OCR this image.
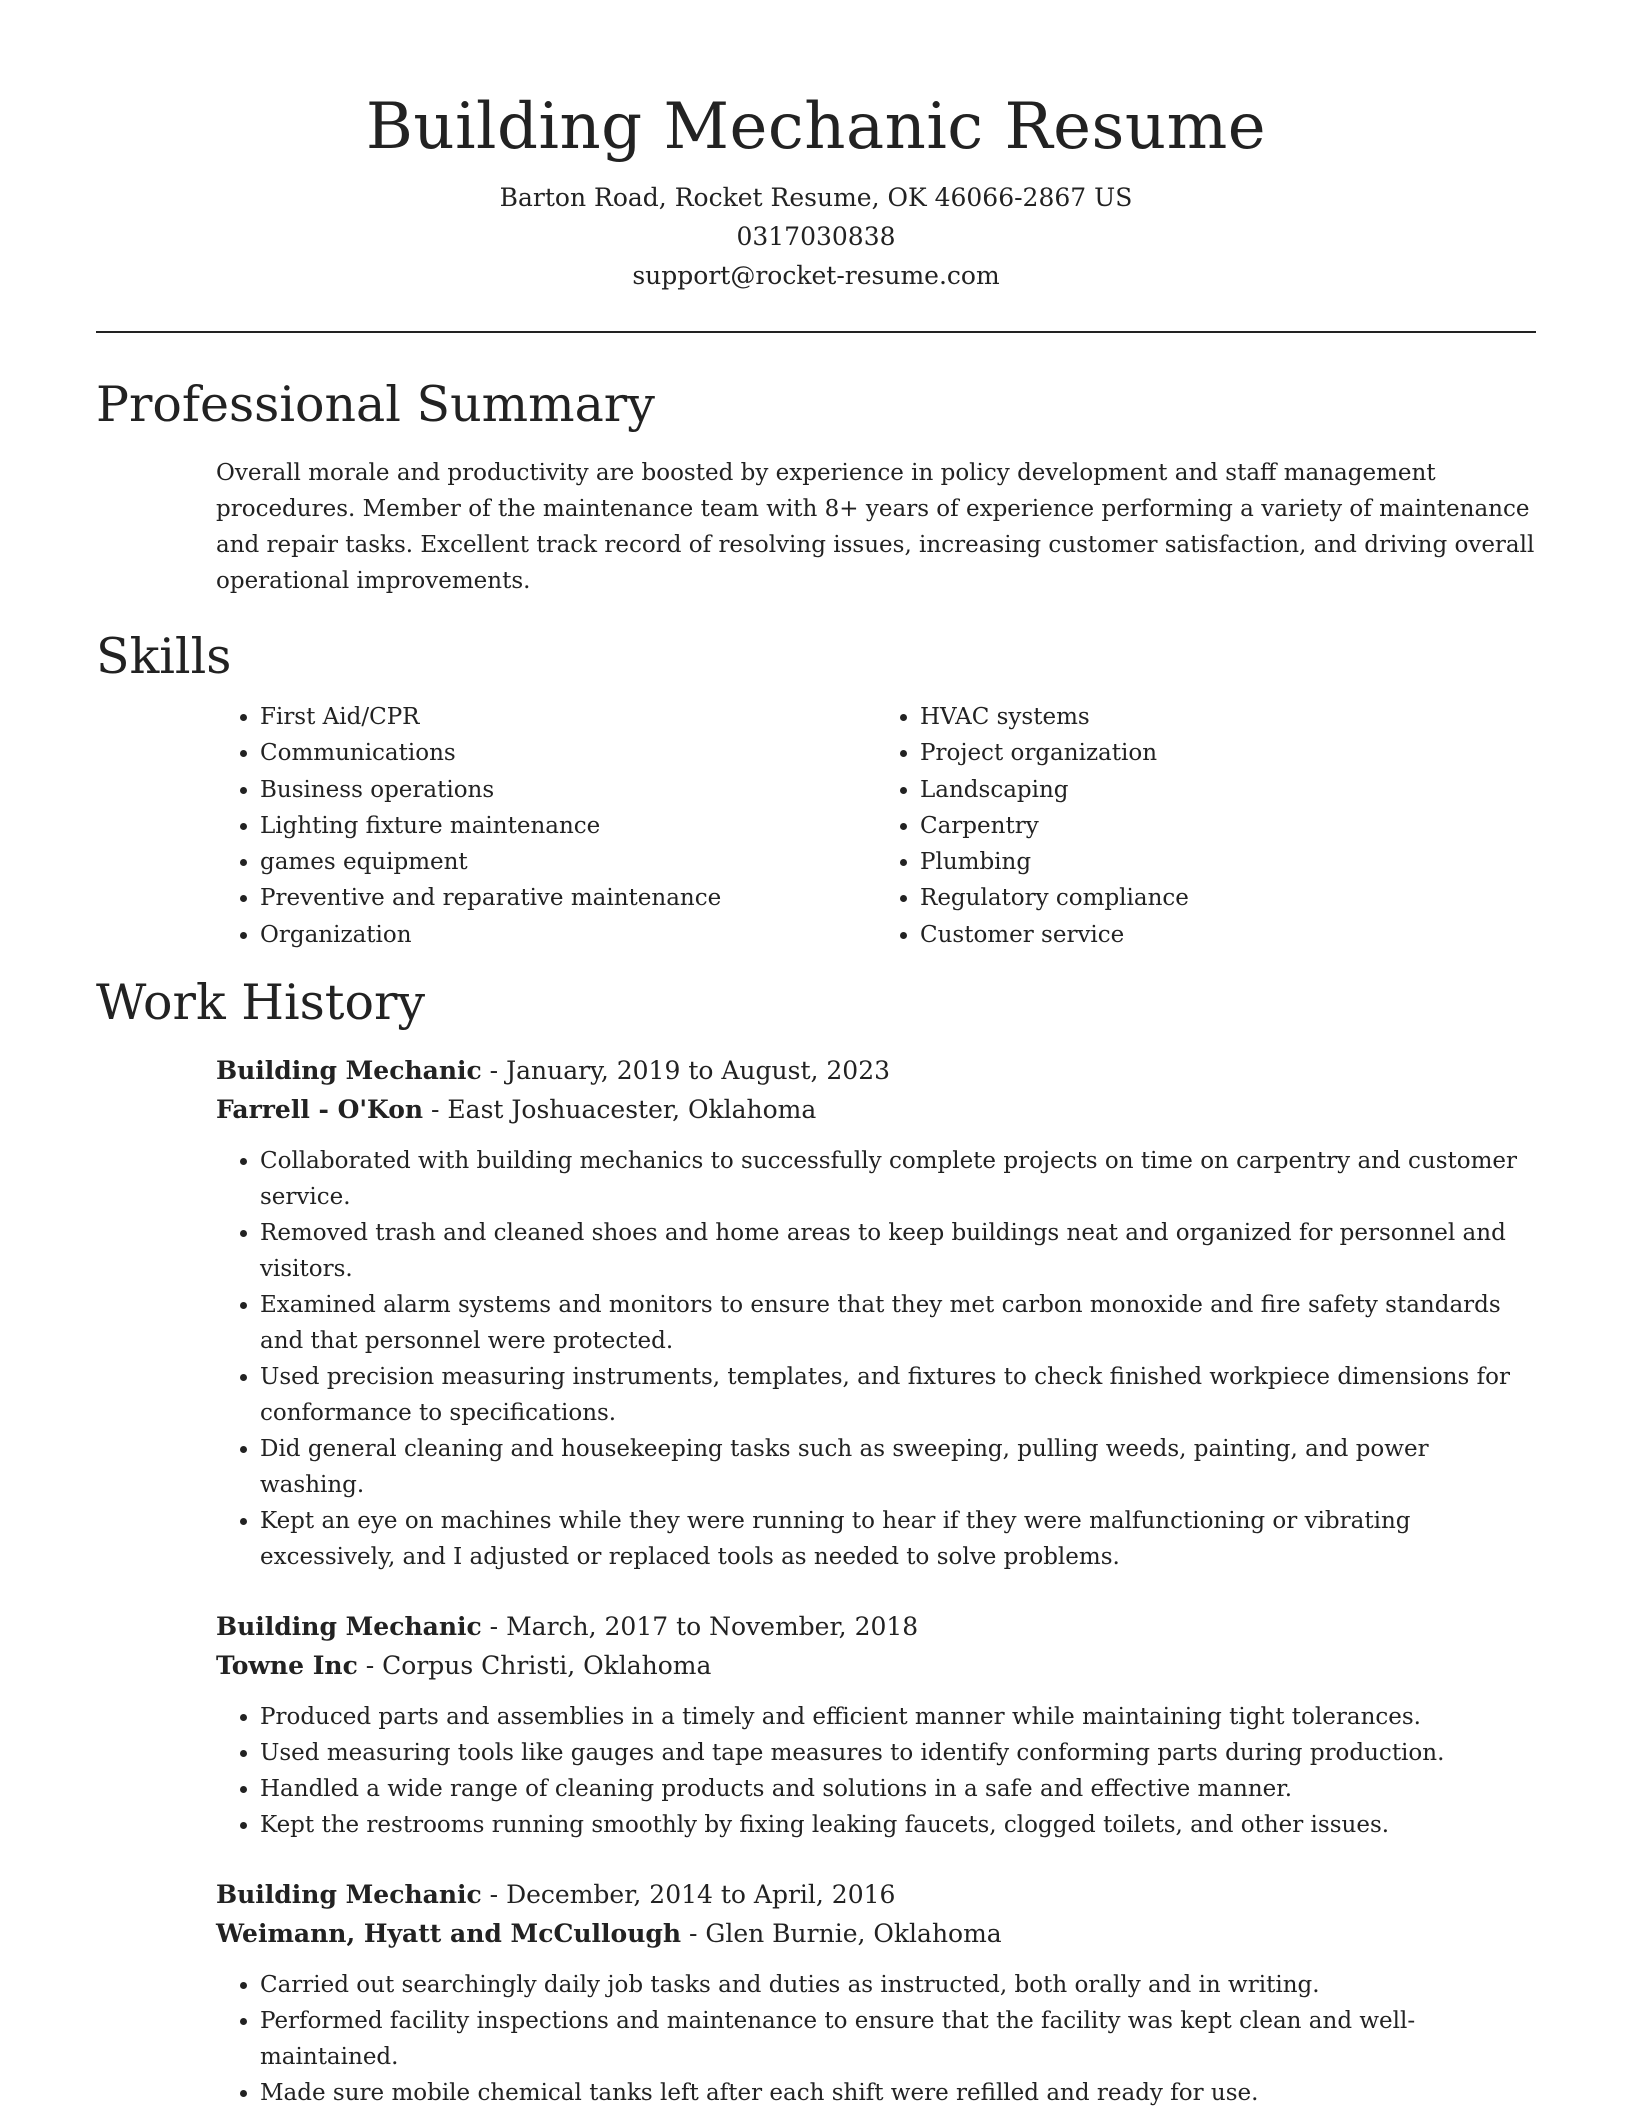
Building Mechanic Resume
Barton Road, Rocket Resume, OK 46066-2867 US
0317030838
support@rocket-resume.com
Professional Summary

Overall morale and productivity are boosted by experience in policy development and staff management procedures. Member of the maintenance team with 8+ years of experience performing a variety of maintenance and repair tasks. Excellent track record of resolving issues, increasing customer satisfaction, and driving overall operational improvements.

Skills
• First Aid/CPR
• Communications
• Business operations
• Lighting fixture maintenance
• games equipment
• Preventive and reparative maintenance
• Organization
• HVAC systems
• Project organization
• Landscaping
• Carpentry
• Plumbing
• Regulatory compliance
• Customer service
Work History
Building Mechanic - January, 2019 to August, 2023
Farrell - O'Kon - East Joshuacester, Oklahoma
• Collaborated with building mechanics to successfully complete projects on time on carpentry and customer service.
• Removed trash and cleaned shoes and home areas to keep buildings neat and organized for personnel and visitors.
• Examined alarm systems and monitors to ensure that they met carbon monoxide and fire safety standards and that personnel were protected.
• Used precision measuring instruments, templates, and fixtures to check finished workpiece dimensions for conformance to specifications.
• Did general cleaning and housekeeping tasks such as sweeping, pulling weeds, painting, and power washing.
• Kept an eye on machines while they were running to hear if they were malfunctioning or vibrating excessively, and I adjusted or replaced tools as needed to solve problems.
Building Mechanic - March, 2017 to November, 2018
Towne Inc - Corpus Christi, Oklahoma
• Produced parts and assemblies in a timely and efficient manner while maintaining tight tolerances.
• Used measuring tools like gauges and tape measures to identify conforming parts during production.
• Handled a wide range of cleaning products and solutions in a safe and effective manner.
• Kept the restrooms running smoothly by fixing leaking faucets, clogged toilets, and other issues.
Building Mechanic - December, 2014 to April, 2016
Weimann, Hyatt and McCullough - Glen Burnie, Oklahoma
• Carried out searchingly daily job tasks and duties as instructed, both orally and in writing.
• Performed facility inspections and maintenance to ensure that the facility was kept clean and well-maintained.
• Made sure mobile chemical tanks left after each shift were refilled and ready for use.
